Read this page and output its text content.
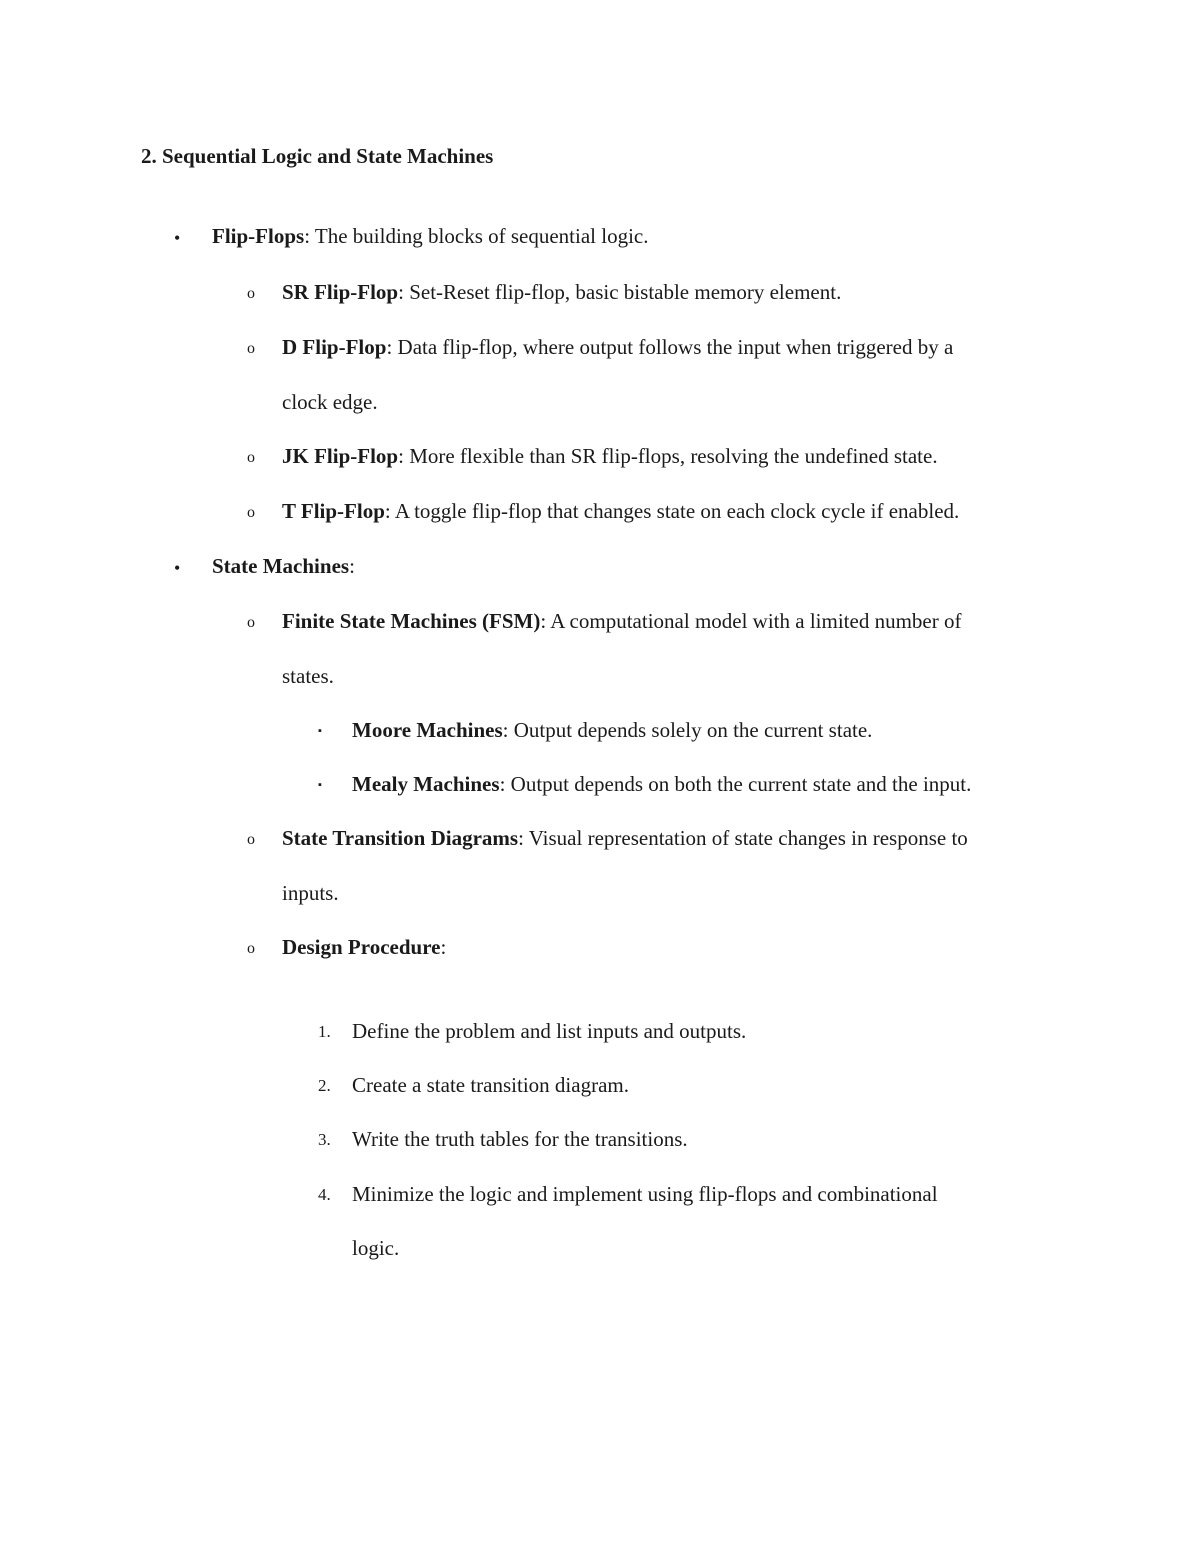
2. Sequential Logic and State Machines
• Flip-Flops: The building blocks of sequential logic.
o SR Flip-Flop: Set-Reset flip-flop, basic bistable memory element.
o D Flip-Flop: Data flip-flop, where output follows the input when triggered by a
clock edge.
o JK Flip-Flop: More flexible than SR flip-flops, resolving the undefined state.
o T Flip-Flop: A toggle flip-flop that changes state on each clock cycle if enabled.
• State Machines:
o Finite State Machines (FSM): A computational model with a limited number of
states.
▪ Moore Machines: Output depends solely on the current state.
▪ Mealy Machines: Output depends on both the current state and the input.
o State Transition Diagrams: Visual representation of state changes in response to
inputs.
o Design Procedure:
1. Define the problem and list inputs and outputs.
2. Create a state transition diagram.
3. Write the truth tables for the transitions.
4. Minimize the logic and implement using flip-flops and combinational
logic.
